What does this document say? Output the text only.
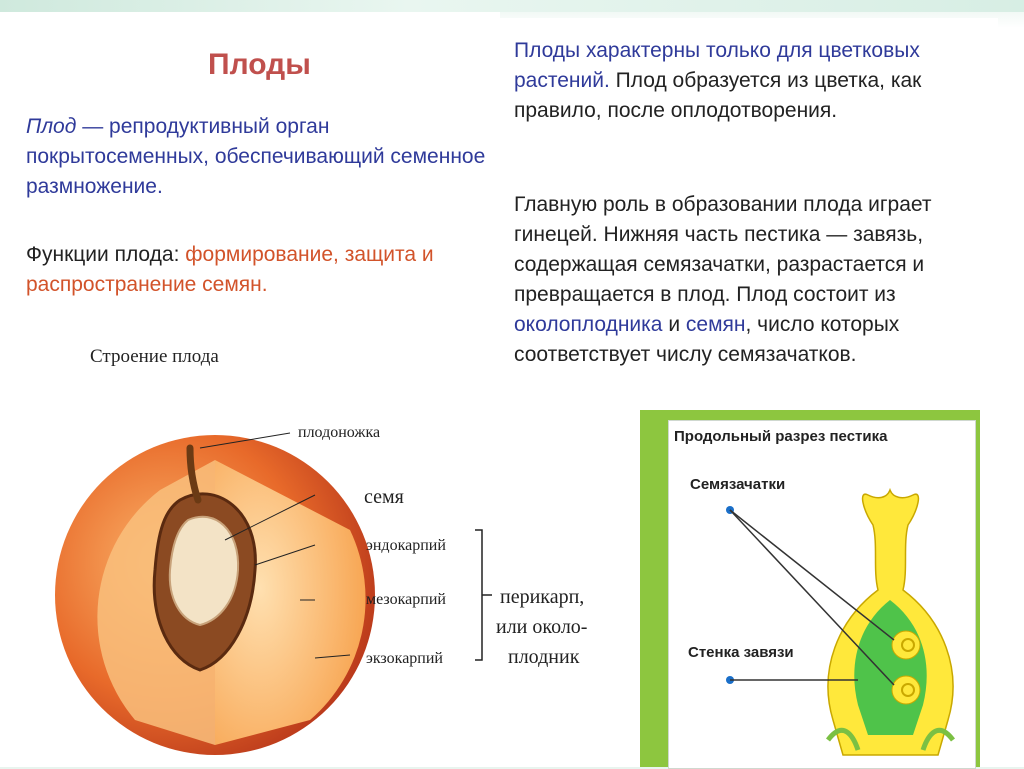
Плоды
Плод — репродуктивный орган покрытосеменных, обеспечивающий семенное размножение.
Функции плода: формирование, защита и распространение семян.
Плоды характерны только для цветковых растений. Плод образуется из цветка, как правило, после оплодотворения.
Главную роль в образовании плода играет гинецей. Нижняя часть пестика — завязь, содержащая семязачатки, разрастается и превращается в плод. Плод состоит из околоплодника и семян, число которых соответствует числу семязачатков.
Строение плода
плодоножка
семя
эндокарпий
мезокарпий
экзокарпий
перикарп,
или около-
плодник
Продольный разрез пестика
Семязачатки
Стенка завязи
